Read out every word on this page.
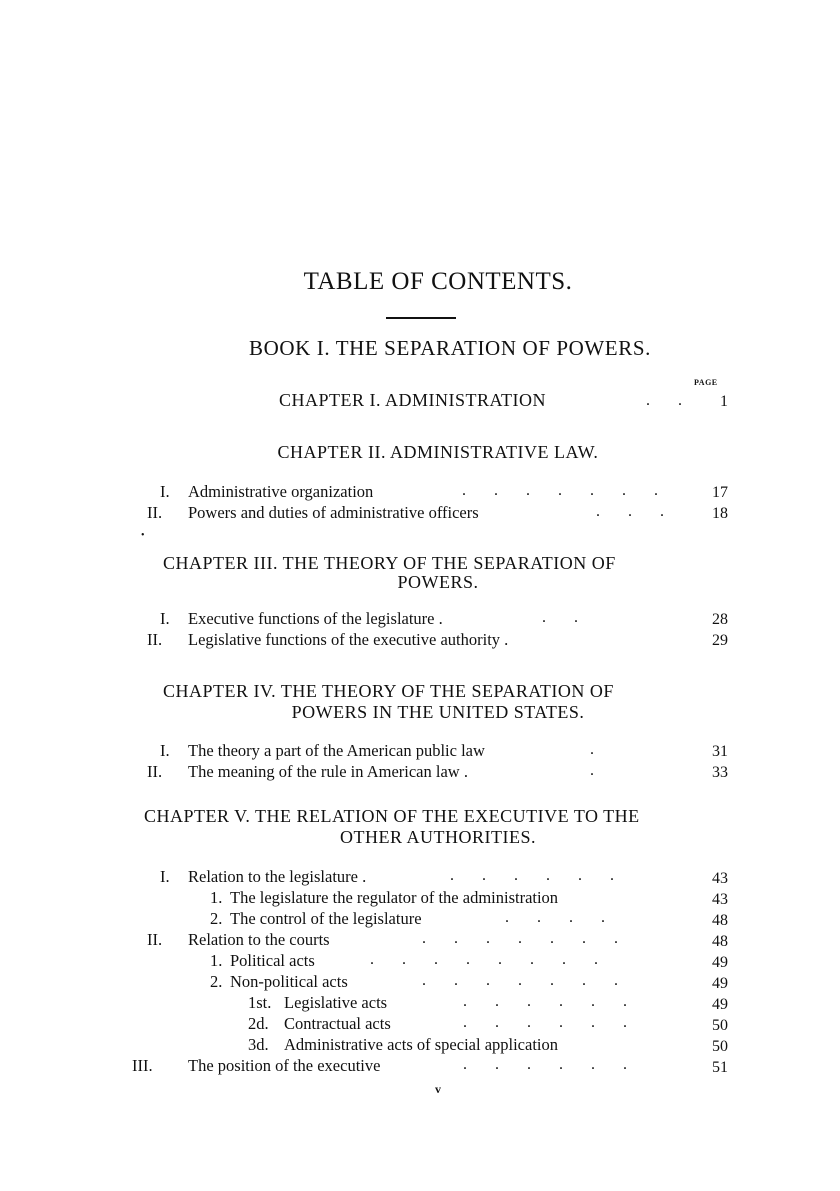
TABLE OF CONTENTS.
BOOK I. THE SEPARATION OF POWERS.
PAGE
CHAPTER I. ADMINISTRATION	. .	1
CHAPTER II. ADMINISTRATIVE LAW.
I. Administrative organization	. . . . . . .	17
II. Powers and duties of administrative officers	. . .	18
•
CHAPTER III. THE THEORY OF THE SEPARATION OF
POWERS.
I. Executive functions of the legislature .	. .	28
II. Legislative functions of the executive authority .	29
CHAPTER IV. THE THEORY OF THE SEPARATION OF
POWERS IN THE UNITED STATES.
I. The theory a part of the American public law	.	31
II. The meaning of the rule in American law .	.	33
CHAPTER V. THE RELATION OF THE EXECUTIVE TO THE
OTHER AUTHORITIES.
I. Relation to the legislature .	. . . . . .	43
1. The legislature the regulator of the administration	43
2. The control of the legislature	. . . .	48
II. Relation to the courts	. . . . . . .	48
1. Political acts	. . . . . . . .	49
2. Non-political acts	. . . . . . .	49
1st. Legislative acts	. . . . . .	49
2d. Contractual acts	. . . . . .	50
3d. Administrative acts of special application	50
III. The position of the executive	. . . . . .	51
v
